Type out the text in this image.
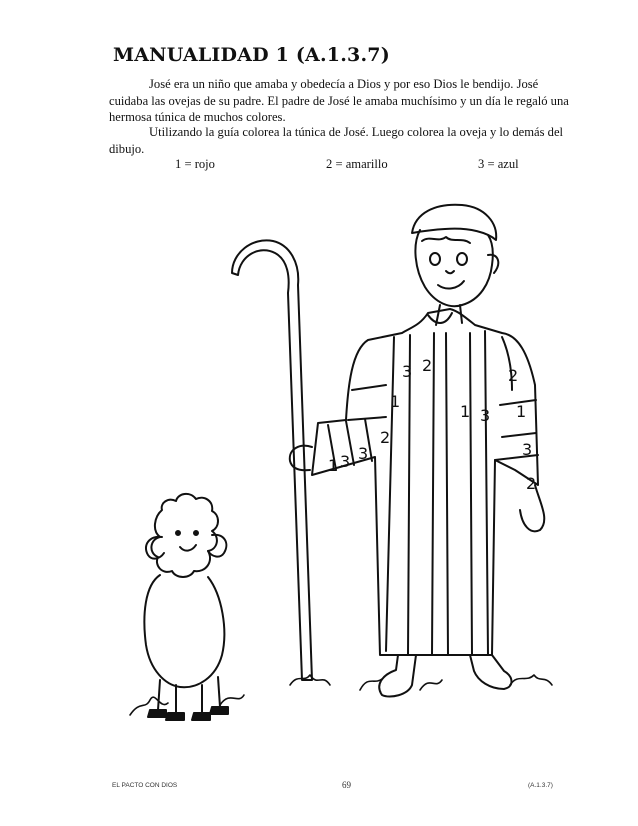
MANUALIDAD 1 (A.1.3.7)
José era un niño que amaba y obedecía a Dios y por eso Dios le bendijo. José cuidaba las ovejas de su padre. El padre de José le amaba muchísimo y un día le regaló una hermosa túnica de muchos colores.
Utilizando la guía colorea la túnica de José. Luego colorea la oveja y lo demás del dibujo.
1 = rojo	2 = amarillo	3 = azul
3 2
2
1
1 3 1
2
3	3
1
2
3
EL PACTO CON DIOS	69	(A.1.3.7)
